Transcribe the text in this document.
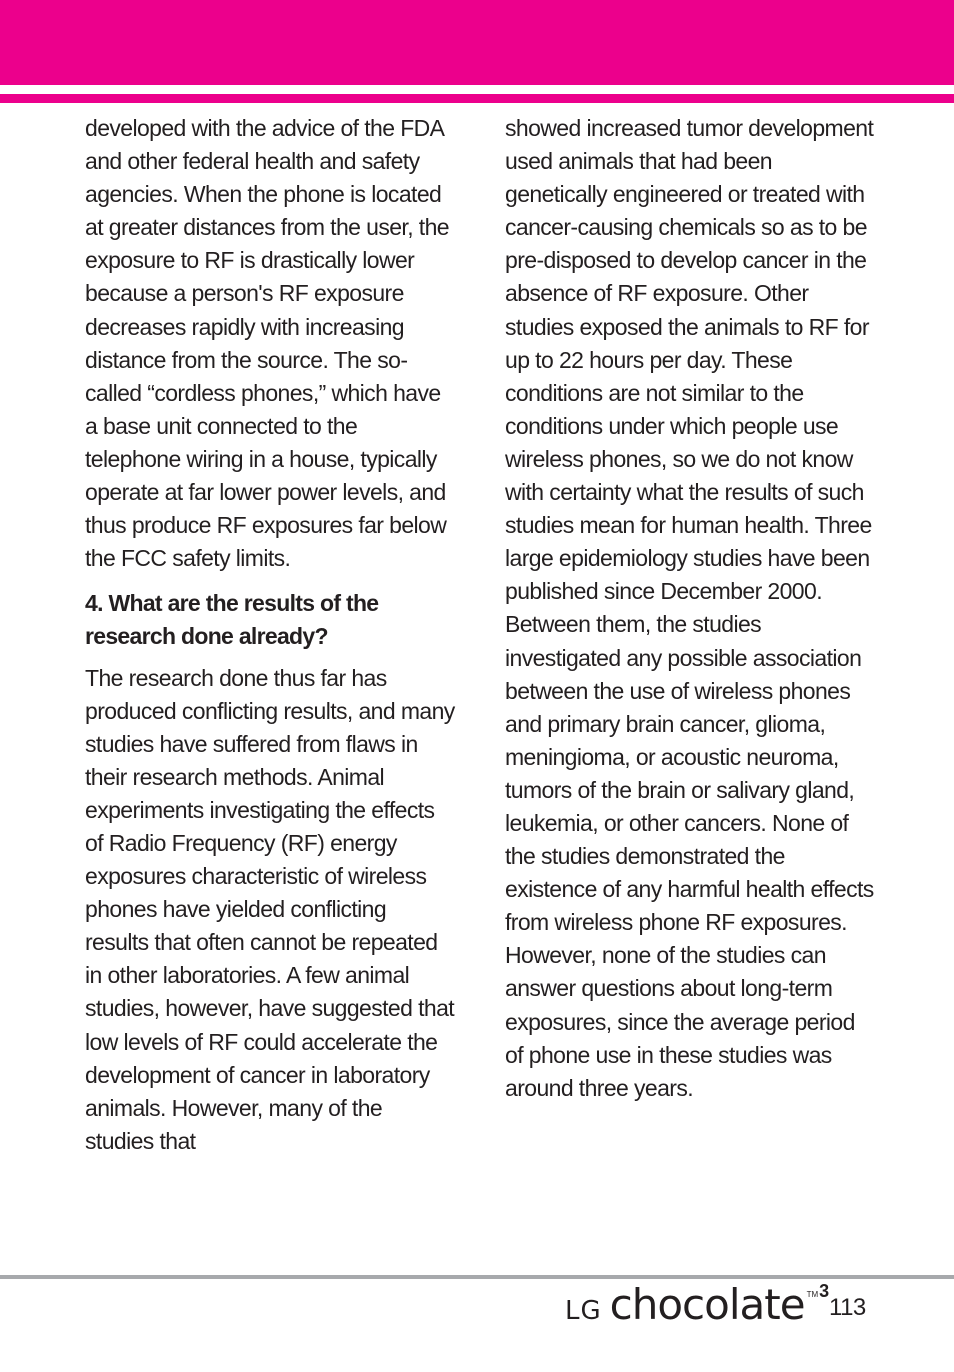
developed with the advice of the FDA and other federal health and safety agencies. When the phone is located at greater distances from the user, the exposure to RF is drastically lower because a person's RF exposure decreases rapidly with increasing distance from the source. The so-called “cordless phones,” which have a base unit connected to the telephone wiring in a house, typically operate at far lower power levels, and thus produce RF exposures far below the FCC safety limits.

4. What are the results of the research done already?

The research done thus far has produced conflicting results, and many studies have suffered from flaws in their research methods. Animal experiments investigating the effects of Radio Frequency (RF) energy exposures characteristic of wireless phones have yielded conflicting results that often cannot be repeated in other laboratories. A few animal studies, however, have suggested that low levels of RF could accelerate the development of cancer in laboratory animals. However, many of the studies that

showed increased tumor development used animals that had been genetically engineered or treated with cancer-causing chemicals so as to be pre-disposed to develop cancer in the absence of RF exposure. Other studies exposed the animals to RF for up to 22 hours per day. These conditions are not similar to the conditions under which people use wireless phones, so we do not know with certainty what the results of such studies mean for human health. Three large epidemiology studies have been published since December 2000. Between them, the studies investigated any possible association between the use of wireless phones and primary brain cancer, glioma, meningioma, or acoustic neuroma, tumors of the brain or salivary gland, leukemia, or other cancers. None of the studies demonstrated the existence of any harmful health effects from wireless phone RF exposures. However, none of the studies can answer questions about long-term exposures, since the average period of phone use in these studies was around three years.

LG chocolate TM 3
113
